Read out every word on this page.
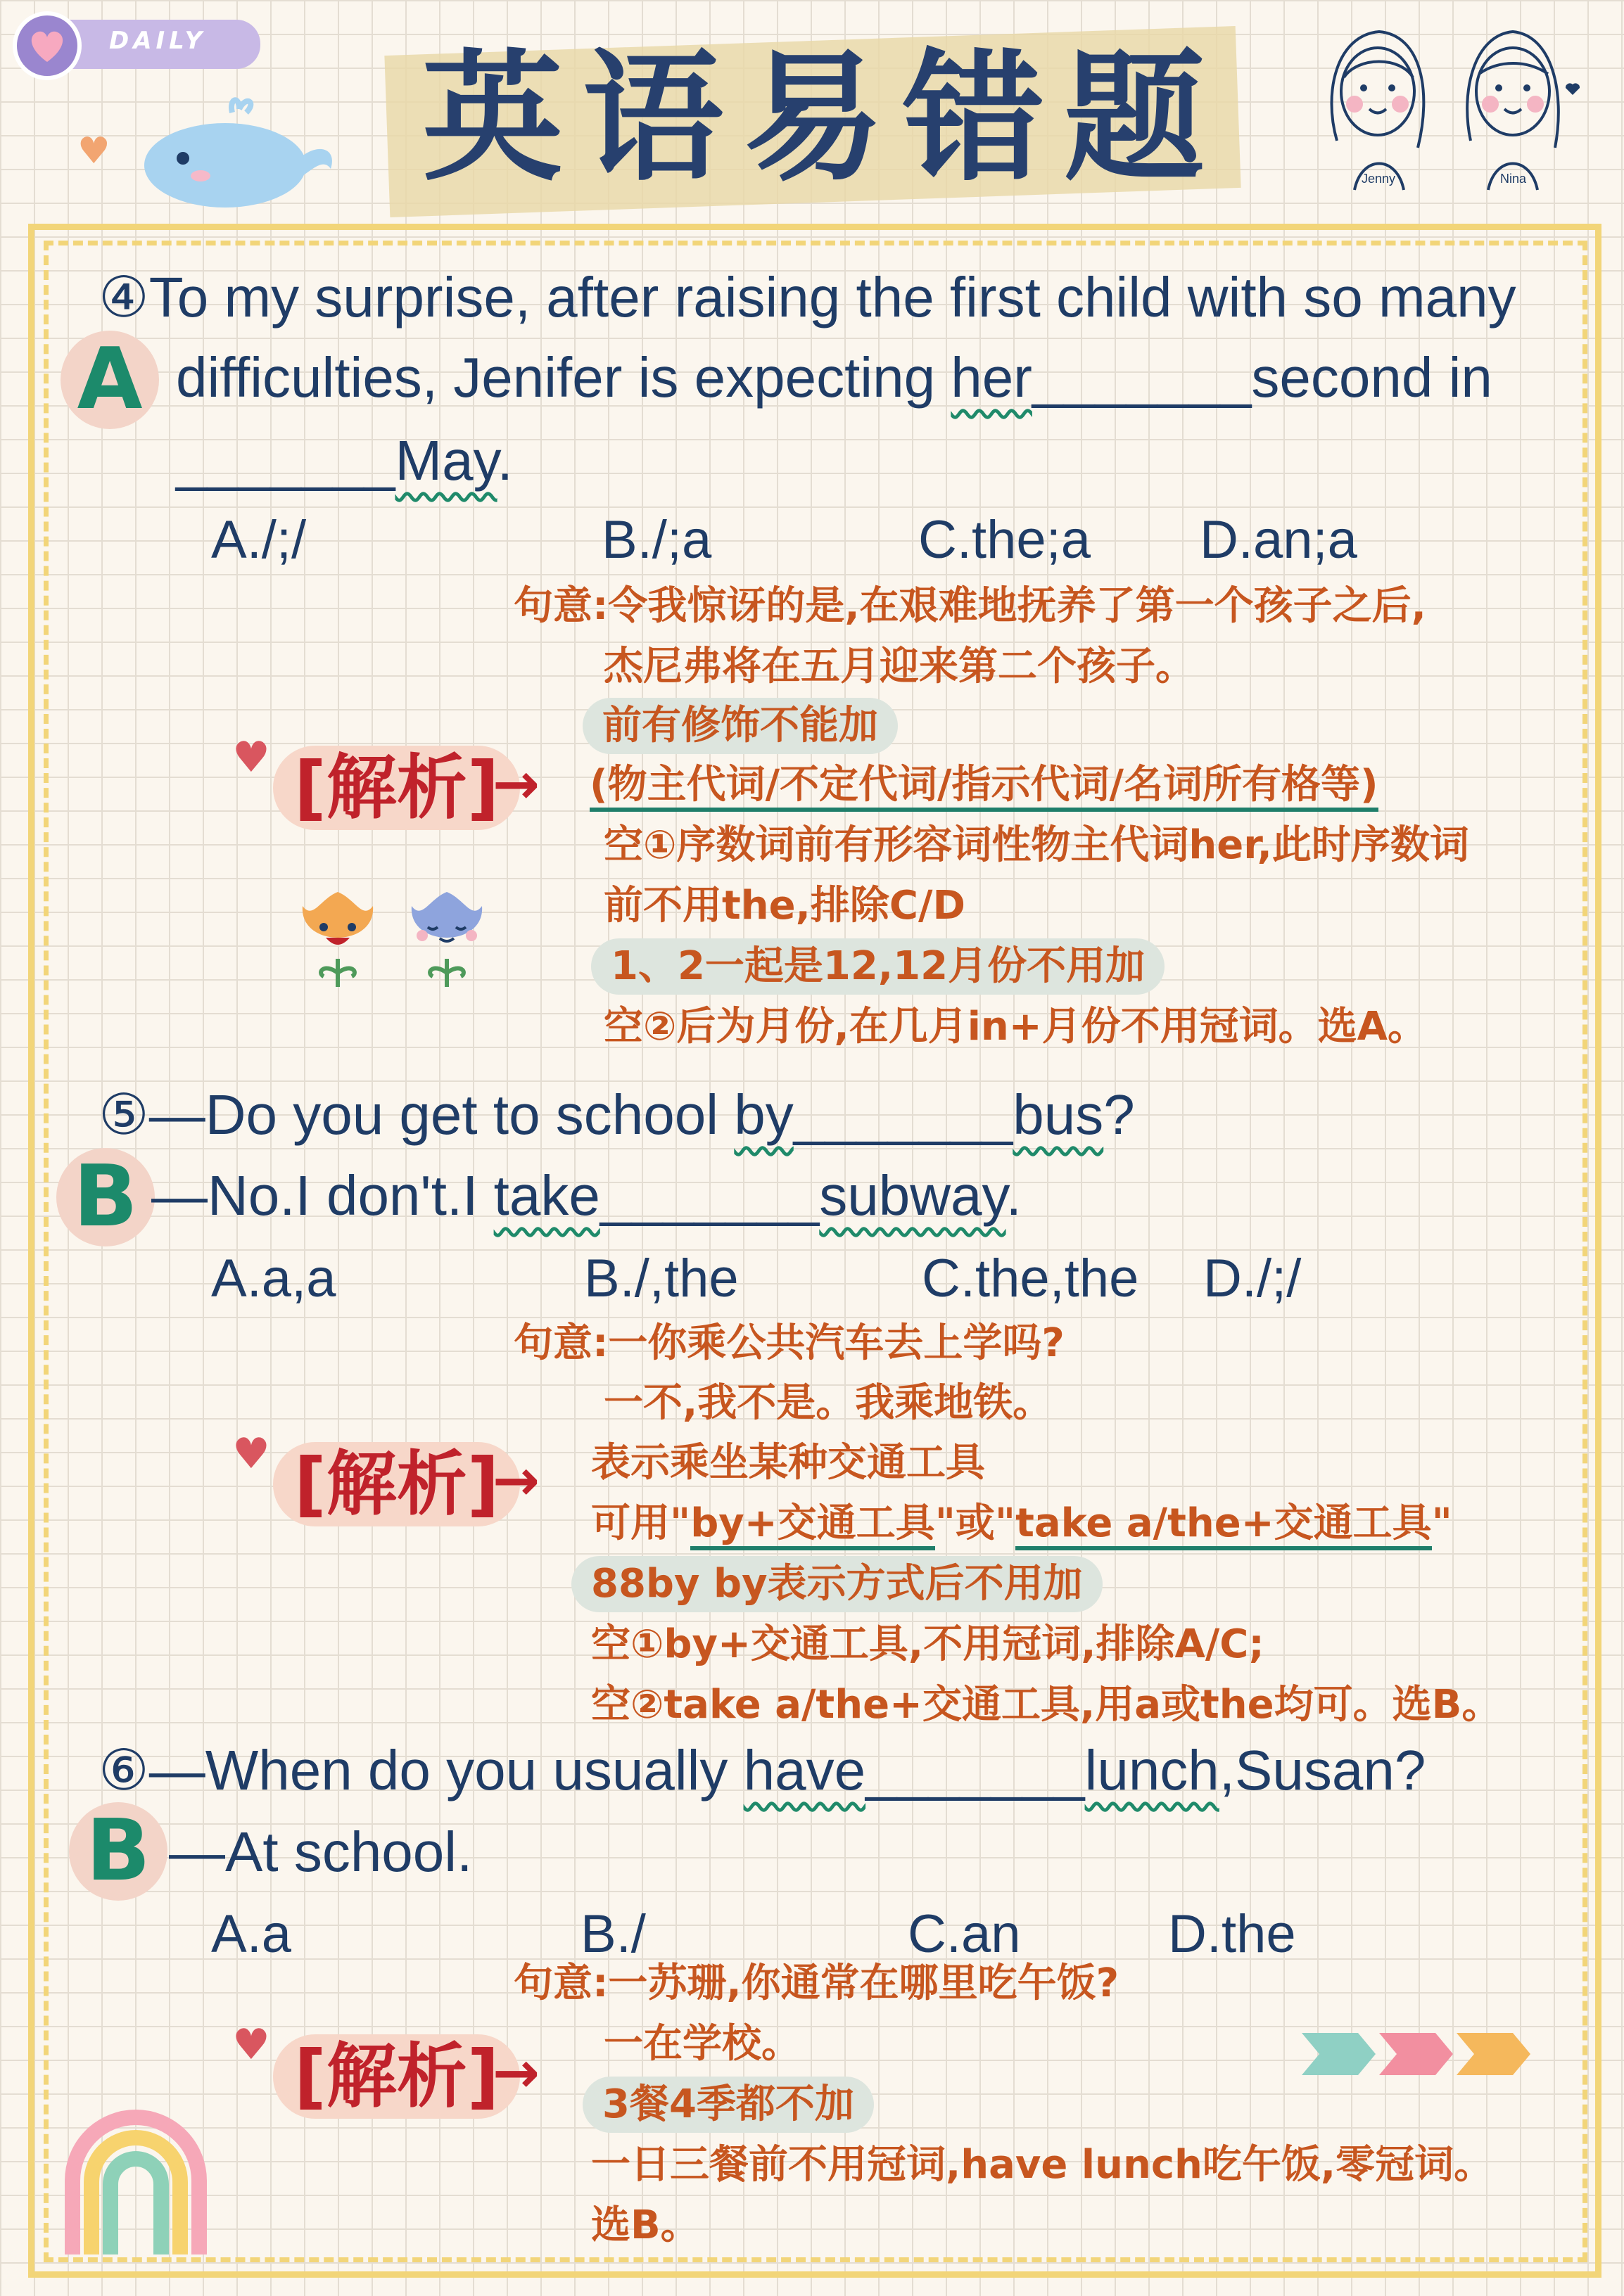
DAILY
♥ 英语易错题	Jenny	Nina
④To my surprise, after raising the first child with so many
A difficulties, Jenifer is expecting her_______second in
_______May.
A./;/	B./;a	C.the;a D.an;a
句意:令我惊讶的是,在艰难地抚养了第一个孩子之后,
杰尼弗将在五月迎来第二个孩子。
前有修饰不能加
♥ [解析]
→ (物主代词/不定代词/指示代词/名词所有格等)
空①序数词前有形容词性物主代词her,此时序数词
前不用the,排除C/D
1、2一起是12,12月份不用加
空②后为月份,在几月in+月份不用冠词。选A。
⑤—Do you get to school by_______bus?
B —No.I don't.I take_______subway.
A.a,a	B./,the	C.the,the D./;/
句意:一你乘公共汽车去上学吗?
一不,我不是。我乘地铁。
♥ [解析]
→ 表示乘坐某种交通工具
可用"by+交通工具"或"take a/the+交通工具"
88by by表示方式后不用加
空①by+交通工具,不用冠词,排除A/C;
空②take a/the+交通工具,用a或the均可。选B。
⑥—When do you usually have_______lunch,Susan?
B —At school.
A.a	B./	C.an	D.the
句意:一苏珊,你通常在哪里吃午饭?
一在学校。
♥ [解析]
→	3餐4季都不加
一日三餐前不用冠词,have lunch吃午饭,零冠词。
选B。
